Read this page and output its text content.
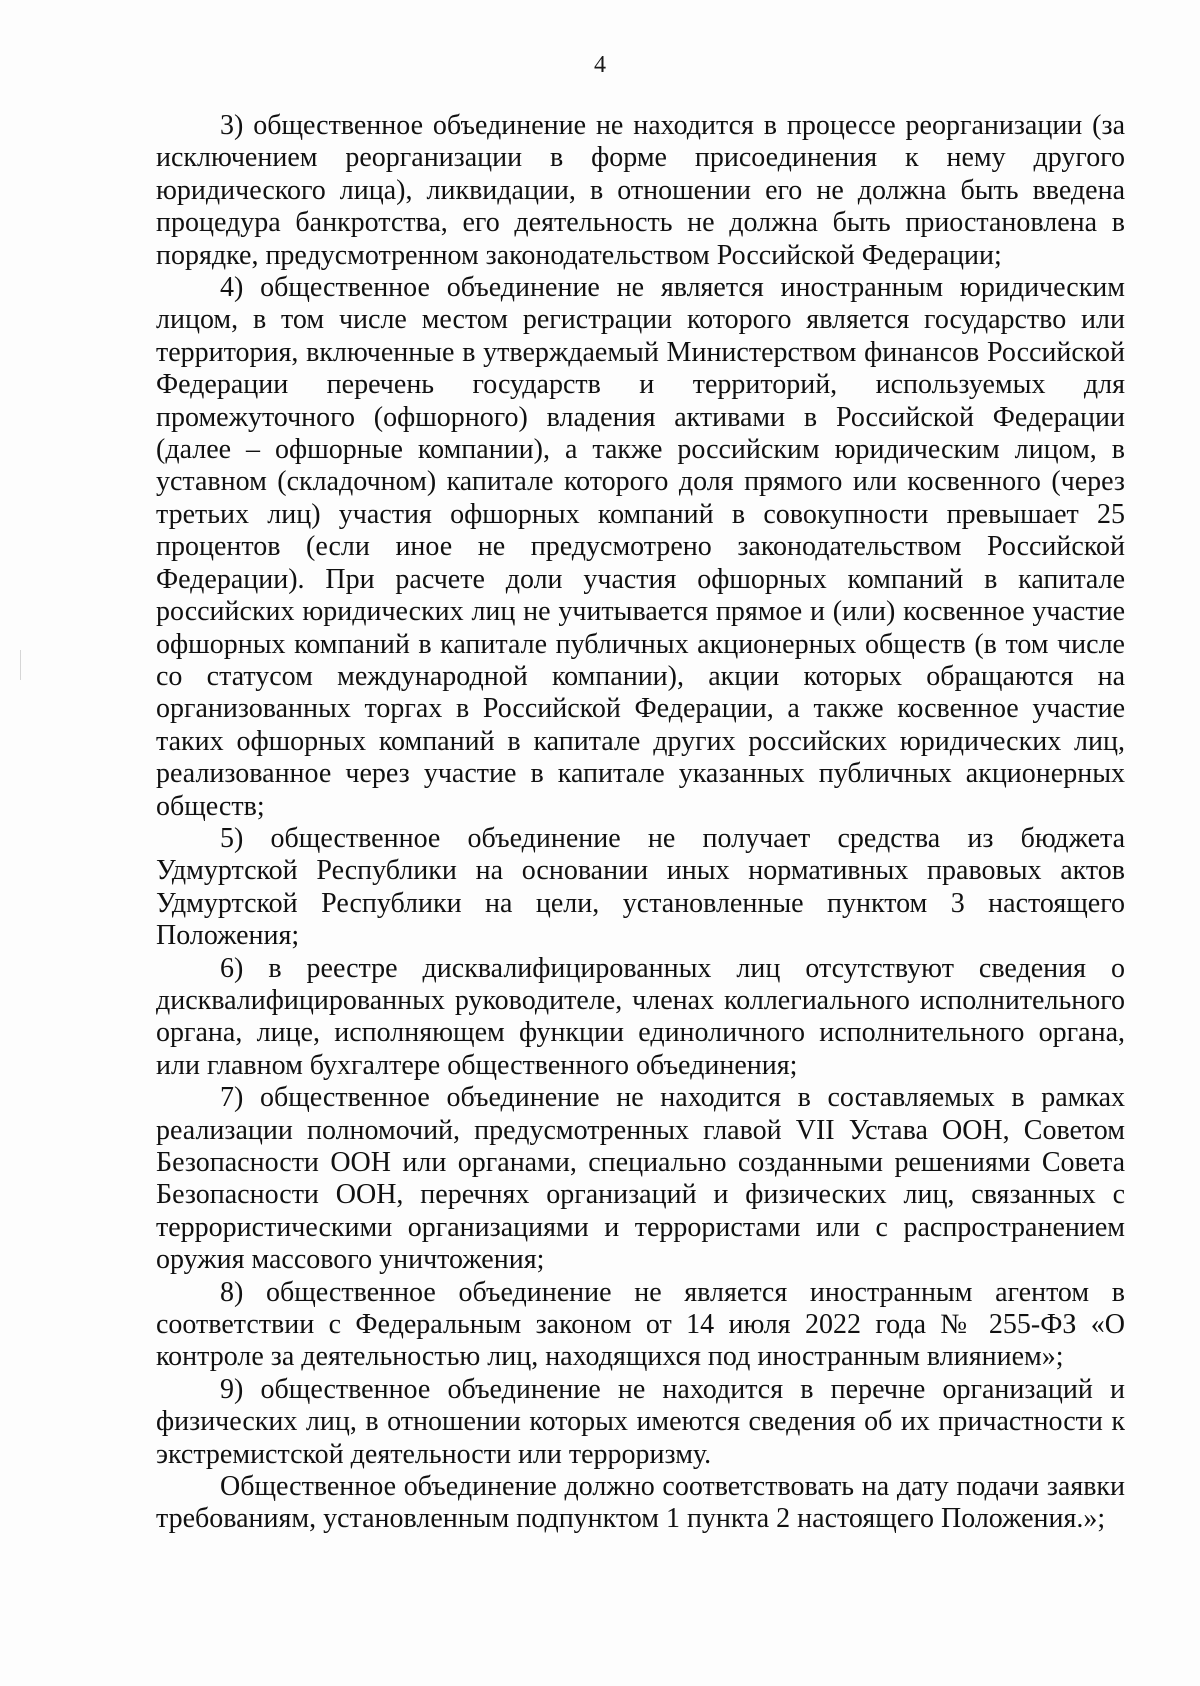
4

3) общественное объединение не находится в процессе реорганизации (за исключением реорганизации в форме присоединения к нему другого юридического лица), ликвидации, в отношении его не должна быть введена процедура банкротства, его деятельность не должна быть приостановлена в порядке, предусмотренном законодательством Российской Федерации;

4) общественное объединение не является иностранным юридическим лицом, в том числе местом регистрации которого является государство или территория, включенные в утверждаемый Министерством финансов Российской Федерации перечень государств и территорий, используемых для промежуточного (офшорного) владения активами в Российской Федерации (далее – офшорные компании), а также российским юридическим лицом, в уставном (складочном) капитале которого доля прямого или косвенного (через третьих лиц) участия офшорных компаний в совокупности превышает 25 процентов (если иное не предусмотрено законодательством Российской Федерации). При расчете доли участия офшорных компаний в капитале российских юридических лиц не учитывается прямое и (или) косвенное участие офшорных компаний в капитале публичных акционерных обществ (в том числе со статусом международной компании), акции которых обращаются на организованных торгах в Российской Федерации, а также косвенное участие таких офшорных компаний в капитале других российских юридических лиц, реализованное через участие в капитале указанных публичных акционерных обществ;

5) общественное объединение не получает средства из бюджета Удмуртской Республики на основании иных нормативных правовых актов Удмуртской Республики на цели, установленные пунктом 3 настоящего Положения;

6) в реестре дисквалифицированных лиц отсутствуют сведения о дисквалифицированных руководителе, членах коллегиального исполнительного органа, лице, исполняющем функции единоличного исполнительного органа, или главном бухгалтере общественного объединения;

7) общественное объединение не находится в составляемых в рамках реализации полномочий, предусмотренных главой VII Устава ООН, Советом Безопасности ООН или органами, специально созданными решениями Совета Безопасности ООН, перечнях организаций и физических лиц, связанных с террористическими организациями и террористами или с распространением оружия массового уничтожения;

8) общественное объединение не является иностранным агентом в соответствии с Федеральным законом от 14 июля 2022 года № 255-ФЗ «О контроле за деятельностью лиц, находящихся под иностранным влиянием»;

9) общественное объединение не находится в перечне организаций и физических лиц, в отношении которых имеются сведения об их причастности к экстремистской деятельности или терроризму.

Общественное объединение должно соответствовать на дату подачи заявки требованиям, установленным подпунктом 1 пункта 2 настоящего Положения.»;
